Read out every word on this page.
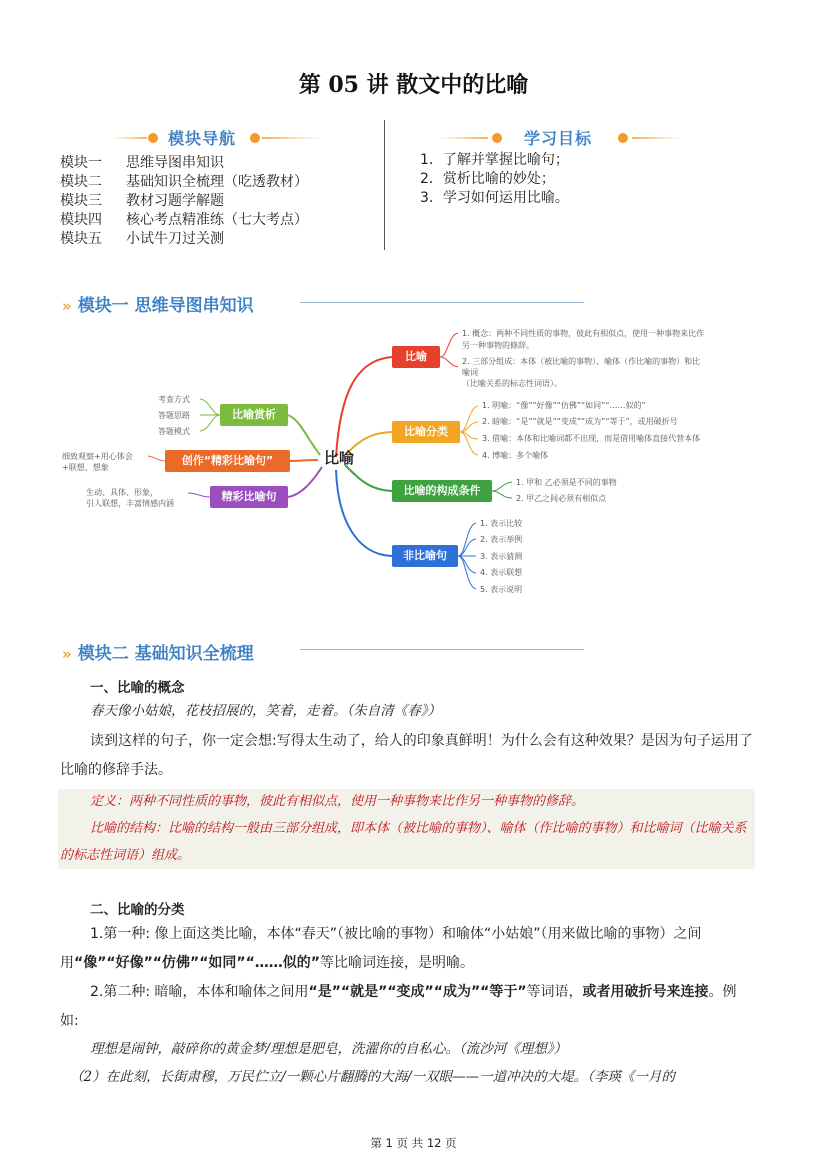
第 05 讲 散文中的比喻
模块导航
模块一 思维导图串知识
模块二 基础知识全梳理（吃透教材）
模块三 教材习题学解题
模块四 核心考点精准练（七大考点）
模块五 小试牛刀过关测
学习目标
1．了解并掌握比喻句；
2．赏析比喻的妙处；
3．学习如何运用比喻。
» 模块一 思维导图串知识
比喻
比喻
比喻分类
比喻的构成条件
非比喻句
比喻赏析
创作“精彩比喻句”
精彩比喻句
1. 概念：两种不同性质的事物，彼此有相似点，使用一种事物来比作
另一种事物的修辞。
2. 三部分组成：本体（被比喻的事物）、喻体（作比喻的事物）和比
喻词
（比喻关系的标志性词语）。
1. 明喻：“像”“好像”“仿佛”“如同”“……似的”
2. 暗喻：“是”“就是”“变成”“成为”“等于”，或用破折号
3. 借喻：本体和比喻词都不出现，而是借用喻体直接代替本体
4. 博喻：多个喻体
1. 甲和 乙必须是不同的事物
2. 甲乙之间必须有相似点
1. 表示比较
2. 表示举例
3. 表示猜测
4. 表示联想
5. 表示说明
考查方式
答题思路
答题模式
细致观察+用心体会
+联想、想象
生动、具体、形象，
引人联想，丰富情感内涵
» 模块二 基础知识全梳理
一、比喻的概念
春天像小姑娘，花枝招展的，笑着，走着。（朱自清《春》）
读到这样的句子，你一定会想:写得太生动了，给人的印象真鲜明！为什么会有这种效果？是因为句子运用了比喻的修辞手法。
定义：两种不同性质的事物，彼此有相似点，使用一种事物来比作另一种事物的修辞。
比喻的结构：比喻的结构一般由三部分组成，即本体（被比喻的事物）、喻体（作比喻的事物）和比喻词（比喻关系的标志性词语）组成。
二、比喻的分类
1.第一种: 像上面这类比喻，本体“春天”（被比喻的事物）和喻体“小姑娘”（用来做比喻的事物）之间用“像”“好像”“仿佛”“如同”“……似的”等比喻词连接，是明喻。
2.第二种: 暗喻，本体和喻体之间用“是”“就是”“变成”“成为”“等于”等词语，或者用破折号来连接。例如:
理想是闹钟，敲碎你的黄金梦/理想是肥皂，洗濯你的自私心。（流沙河《理想》）
（2）在此刻，长街肃穆，万民伫立/一颗心片翻腾的大海/一双眼——一道冲决的大堤。（李瑛《一月的
第 1 页 共 12 页
